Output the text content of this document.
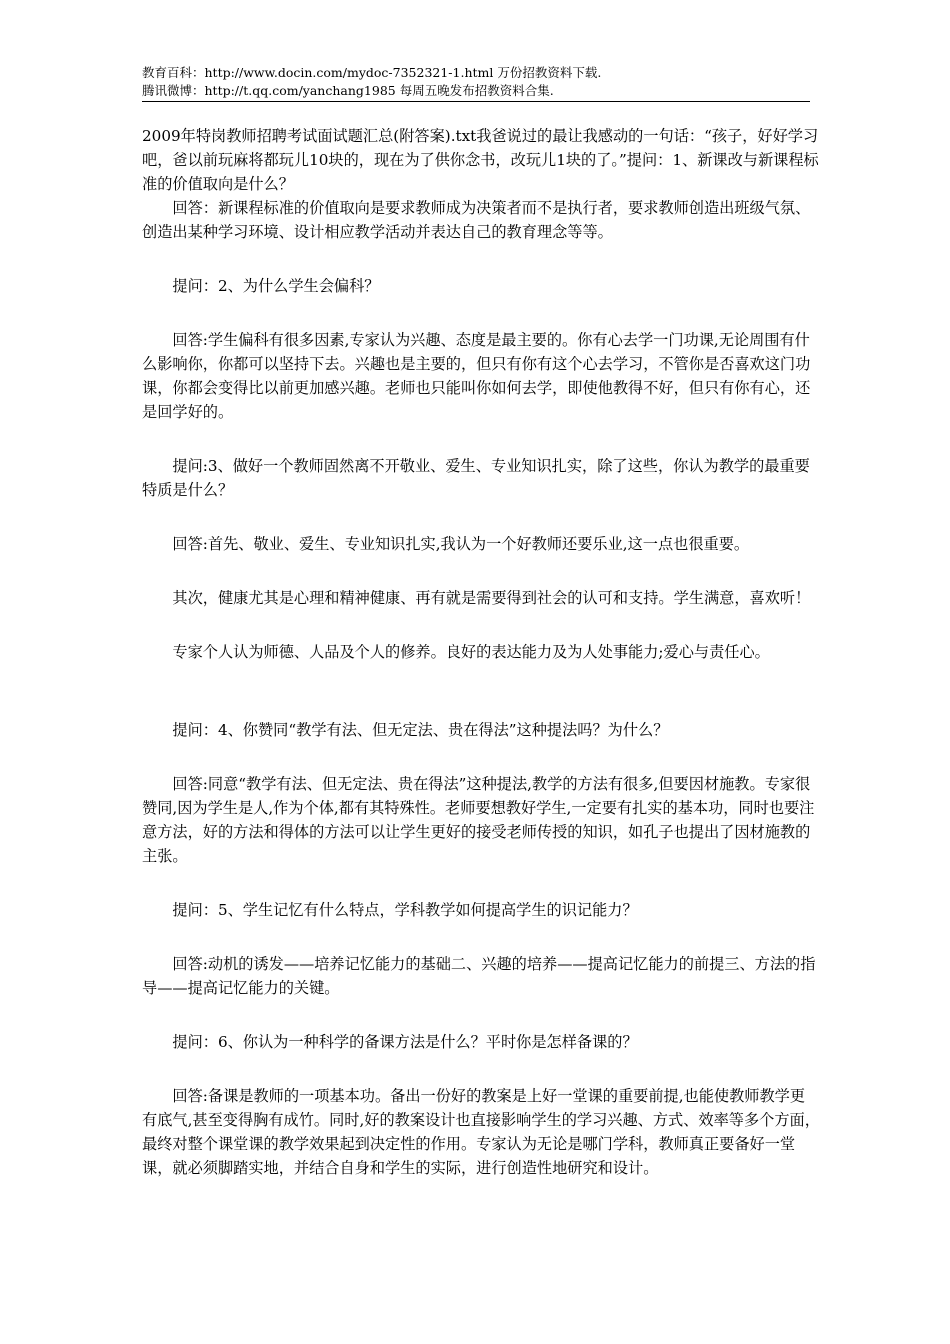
教育百科：http://www.docin.com/mydoc-7352321-1.html 万份招教资料下载.
腾讯微博：http://t.qq.com/yanchang1985 每周五晚发布招教资料合集.

2009年特岗教师招聘考试面试题汇总(附答案).txt我爸说过的最让我感动的一句话：“孩子，好好学习吧，爸以前玩麻将都玩儿10块的，现在为了供你念书，改玩儿1块的了。”提问：1、新课改与新课程标准的价值取向是什么？

回答：新课程标准的价值取向是要求教师成为决策者而不是执行者，要求教师创造出班级气氛、创造出某种学习环境、设计相应教学活动并表达自己的教育理念等等。

提问：2、为什么学生会偏科？

回答:学生偏科有很多因素,专家认为兴趣、态度是最主要的。你有心去学一门功课,无论周围有什么影响你，你都可以坚持下去。兴趣也是主要的，但只有你有这个心去学习，不管你是否喜欢这门功课，你都会变得比以前更加感兴趣。老师也只能叫你如何去学，即使他教得不好，但只有你有心，还是回学好的。

提问:3、做好一个教师固然离不开敬业、爱生、专业知识扎实，除了这些，你认为教学的最重要特质是什么？

回答:首先、敬业、爱生、专业知识扎实,我认为一个好教师还要乐业,这一点也很重要。

其次，健康尤其是心理和精神健康、再有就是需要得到社会的认可和支持。学生满意，喜欢听！

专家个人认为师德、人品及个人的修养。良好的表达能力及为人处事能力;爱心与责任心。

提问：4、你赞同“教学有法、但无定法、贵在得法”这种提法吗？为什么？

回答:同意“教学有法、但无定法、贵在得法”这种提法,教学的方法有很多,但要因材施教。专家很赞同,因为学生是人,作为个体,都有其特殊性。老师要想教好学生,一定要有扎实的基本功，同时也要注意方法，好的方法和得体的方法可以让学生更好的接受老师传授的知识，如孔子也提出了因材施教的主张。

提问：5、学生记忆有什么特点，学科教学如何提高学生的识记能力？

回答:动机的诱发——培养记忆能力的基础二、兴趣的培养——提高记忆能力的前提三、方法的指导——提高记忆能力的关键。

提问：6、你认为一种科学的备课方法是什么？平时你是怎样备课的？

回答:备课是教师的一项基本功。备出一份好的教案是上好一堂课的重要前提,也能使教师教学更有底气,甚至变得胸有成竹。同时,好的教案设计也直接影响学生的学习兴趣、方式、效率等多个方面，最终对整个课堂课的教学效果起到决定性的作用。专家认为无论是哪门学科，教师真正要备好一堂课，就必须脚踏实地，并结合自身和学生的实际，进行创造性地研究和设计。
